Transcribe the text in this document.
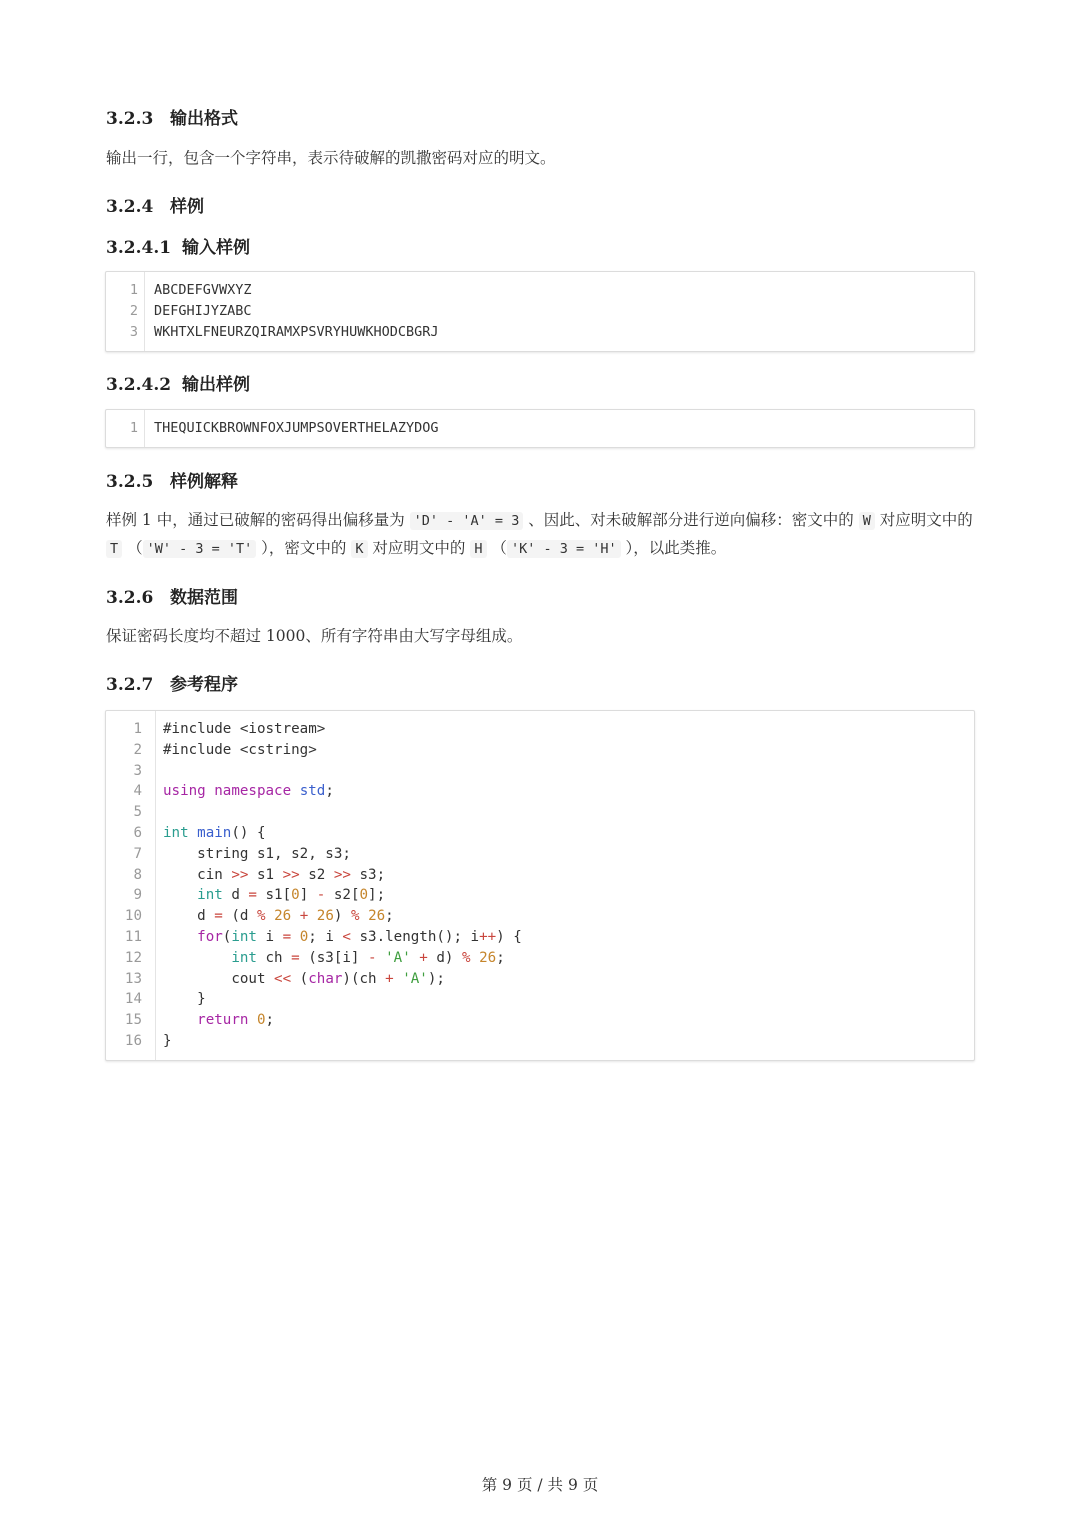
3.2.3 输出格式

输出一行，包含一个字符串，表示待破解的凯撒密码对应的明文。

3.2.4 样例
3.2.4.1 输入样例
1 ABCDEFGVWXYZ
2 DEFGHIJYZABC
3 WKHTXLFNEURZQIRAMXPSVRYHUWKHODCBGRJ
3.2.4.2 输出样例
1 THEQUICKBROWNFOXJUMPSOVERTHELAZYDOG
3.2.5 样例解释

样例 1 中，通过已破解的密码得出偏移量为 'D' - 'A' = 3 、因此、对未破解部分进行逆向偏移：密文中的 W 对应明文中的 T （ 'W' - 3 = 'T' ），密文中的 K 对应明文中的 H （ 'K' - 3 = 'H' ），以此类推。

3.2.6 数据范围

保证密码长度均不超过 1000、所有字符串由大写字母组成。

3.2.7 参考程序
1 #include <iostream>
2 #include <cstring>
3
4 using namespace std;
5
6 int main() {
7 string s1, s2, s3;
8 cin >> s1 >> s2 >> s3;
9	int d = s1[0] - s2[0];
10 d = (d % 26 + 26) % 26;
11	for(int i = 0; i < s3.length(); i++) {
12	int ch = (s3[i] - 'A' + d) % 26;
13 cout << (char)(ch + 'A');
14 }
15	return 0;
16 }
第 9 页 / 共 9 页
